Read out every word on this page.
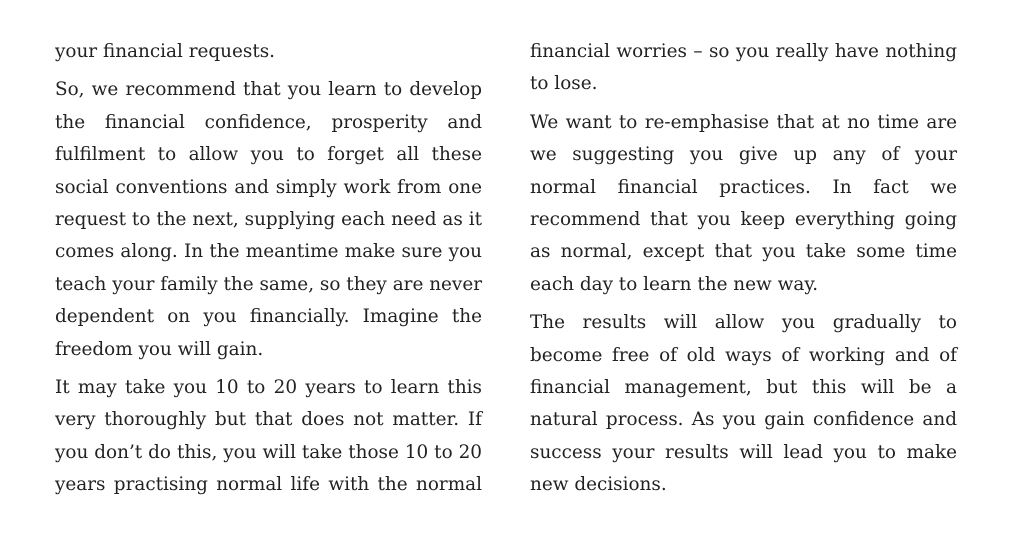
your financial requests.

So, we recommend that you learn to develop the financial confidence, prosperity and fulfilment to allow you to forget all these social conventions and simply work from one request to the next, supplying each need as it comes along. In the meantime make sure you teach your family the same, so they are never dependent on you financially. Imagine the freedom you will gain.

It may take you 10 to 20 years to learn this very thoroughly but that does not matter. If you don’t do this, you will take those 10 to 20 years practising normal life with the normal

financial worries – so you really have nothing to lose.

We want to re-emphasise that at no time are we suggesting you give up any of your normal financial practices. In fact we recommend that you keep everything going as normal, except that you take some time each day to learn the new way.

The results will allow you gradually to become free of old ways of working and of financial management, but this will be a natural process. As you gain confidence and success your results will lead you to make new decisions.
